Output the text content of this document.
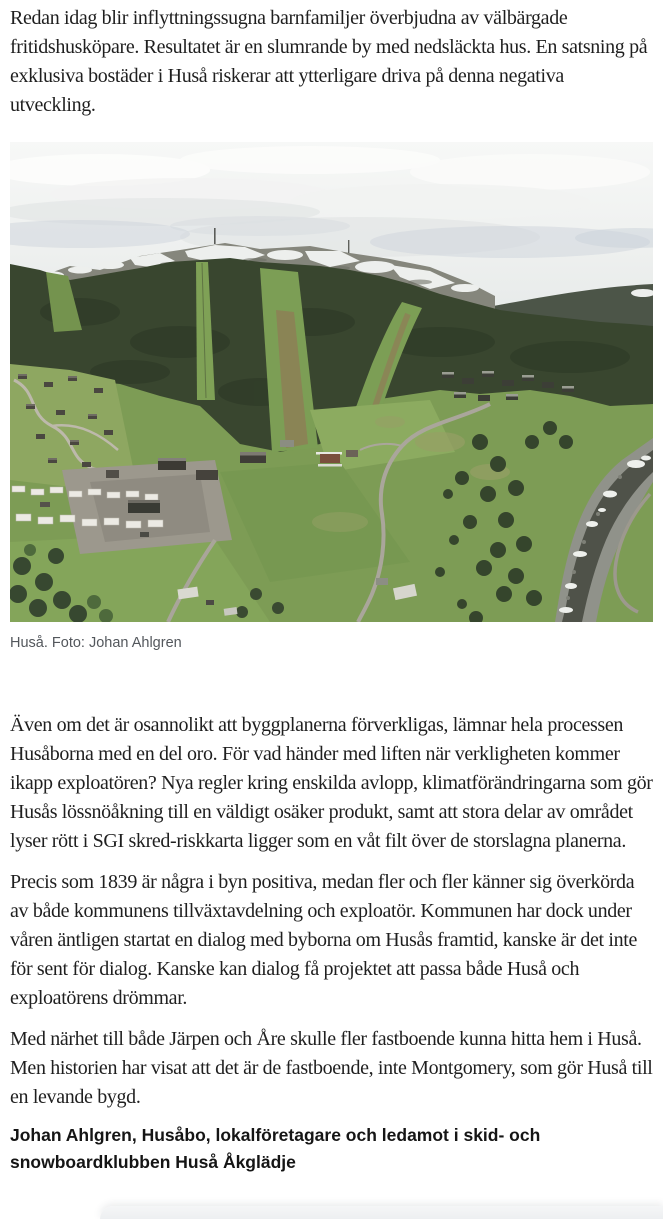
Redan idag blir inflyttningssugna barnfamiljer överbjudna av välbärgade fritidshusköpare. Resultatet är en slumrande by med nedsläckta hus. En satsning på exklusiva bostäder i Huså riskerar att ytterligare driva på denna negativa utveckling.

Huså. Foto: Johan Ahlgren

Även om det är osannolikt att byggplanerna förverkligas, lämnar hela processen Husåborna med en del oro. För vad händer med liften när verkligheten kommer ikapp exploatören? Nya regler kring enskilda avlopp, klimatförändringarna som gör Husås lössnöåkning till en väldigt osäker produkt, samt att stora delar av området lyser rött i SGI skred-riskkarta ligger som en våt filt över de storslagna planerna.

Precis som 1839 är några i byn positiva, medan fler och fler känner sig överkörda av både kommunens tillväxtavdelning och exploatör. Kommunen har dock under våren äntligen startat en dialog med byborna om Husås framtid, kanske är det inte för sent för dialog. Kanske kan dialog få projektet att passa både Huså och exploatörens drömmar.

Med närhet till både Järpen och Åre skulle fler fastboende kunna hitta hem i Huså. Men historien har visat att det är de fastboende, inte Montgomery, som gör Huså till en levande bygd.

Johan Ahlgren, Husåbo, lokalföretagare och ledamot i skid- och snowboardklubben Huså Åkglädje
